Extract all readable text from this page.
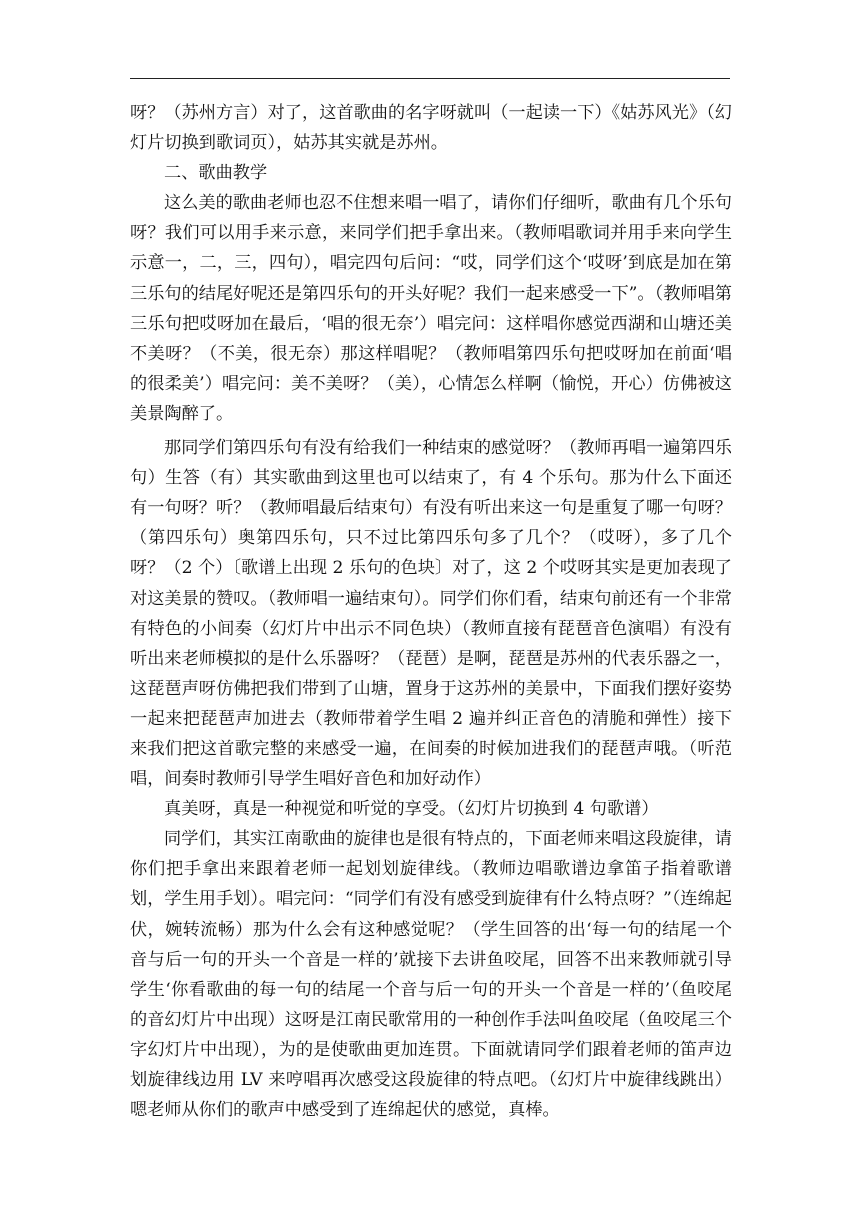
呀？（苏州方言）对了，这首歌曲的名字呀就叫（一起读一下）《姑苏风光》（幻灯片切换到歌词页），姑苏其实就是苏州。

二、歌曲教学

这么美的歌曲老师也忍不住想来唱一唱了，请你们仔细听，歌曲有几个乐句呀？我们可以用手来示意，来同学们把手拿出来。（教师唱歌词并用手来向学生示意一，二，三，四句），唱完四句后问：“哎，同学们这个‘哎呀’到底是加在第三乐句的结尾好呢还是第四乐句的开头好呢？我们一起来感受一下”。（教师唱第三乐句把哎呀加在最后，‘唱的很无奈’）唱完问：这样唱你感觉西湖和山塘还美不美呀？（不美，很无奈）那这样唱呢？（教师唱第四乐句把哎呀加在前面‘唱的很柔美’）唱完问：美不美呀？（美），心情怎么样啊（愉悦，开心）仿佛被这美景陶醉了。

那同学们第四乐句有没有给我们一种结束的感觉呀？（教师再唱一遍第四乐句）生答（有）其实歌曲到这里也可以结束了，有 4 个乐句。那为什么下面还有一句呀？听？（教师唱最后结束句）有没有听出来这一句是重复了哪一句呀？（第四乐句）奥第四乐句，只不过比第四乐句多了几个？（哎呀），多了几个呀？（2 个）〔歌谱上出现 2 乐句的色块〕对了，这 2 个哎呀其实是更加表现了对这美景的赞叹。（教师唱一遍结束句）。同学们你们看，结束句前还有一个非常有特色的小间奏（幻灯片中出示不同色块）（教师直接有琵琶音色演唱）有没有听出来老师模拟的是什么乐器呀？（琵琶）是啊，琵琶是苏州的代表乐器之一，这琵琶声呀仿佛把我们带到了山塘，置身于这苏州的美景中，下面我们摆好姿势一起来把琵琶声加进去（教师带着学生唱 2 遍并纠正音色的清脆和弹性）接下来我们把这首歌完整的来感受一遍，在间奏的时候加进我们的琵琶声哦。（听范唱，间奏时教师引导学生唱好音色和加好动作）

真美呀，真是一种视觉和听觉的享受。（幻灯片切换到 4 句歌谱）

同学们，其实江南歌曲的旋律也是很有特点的，下面老师来唱这段旋律，请你们把手拿出来跟着老师一起划划旋律线。（教师边唱歌谱边拿笛子指着歌谱划，学生用手划）。唱完问：“同学们有没有感受到旋律有什么特点呀？”（连绵起伏，婉转流畅）那为什么会有这种感觉呢？（学生回答的出‘每一句的结尾一个音与后一句的开头一个音是一样的’就接下去讲鱼咬尾，回答不出来教师就引导学生‘你看歌曲的每一句的结尾一个音与后一句的开头一个音是一样的’（鱼咬尾的音幻灯片中出现）这呀是江南民歌常用的一种创作手法叫鱼咬尾（鱼咬尾三个字幻灯片中出现），为的是使歌曲更加连贯。下面就请同学们跟着老师的笛声边划旋律线边用 LV 来哼唱再次感受这段旋律的特点吧。（幻灯片中旋律线跳出）嗯老师从你们的歌声中感受到了连绵起伏的感觉，真棒。
